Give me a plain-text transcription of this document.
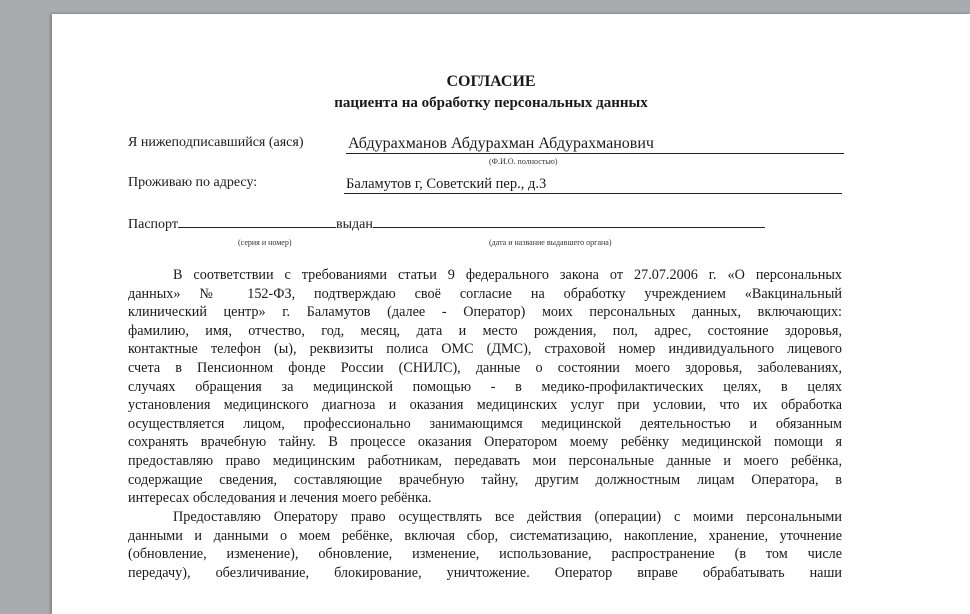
СОГЛАСИЕ
пациента на обработку персональных данных
Я нижеподписавшийся (аяся)	Абдурахманов Абдурахман Абдурахманович
(Ф.И.О. полностью)
Проживаю по адресу:	Баламутов г, Советский пер., д.3
Паспорт	выдан
(серия и номер)	(дата и название выдавшего органа)
В соответствии с требованиями статьи 9 федерального закона от 27.07.2006 г. «О персональных
данных» № 152-ФЗ, подтверждаю своё согласие на обработку учреждением «Вакцинальный
клинический центр» г. Баламутов (далее - Оператор) моих персональных данных, включающих:
фамилию, имя, отчество, год, месяц, дата и место рождения, пол, адрес, состояние здоровья,
контактные телефон (ы), реквизиты полиса ОМС (ДМС), страховой номер индивидуального лицевого
счета в Пенсионном фонде России (СНИЛС), данные о состоянии моего здоровья, заболеваниях,
случаях обращения за медицинской помощью - в медико-профилактических целях, в целях
установления медицинского диагноза и оказания медицинских услуг при условии, что их обработка
осуществляется лицом, профессионально занимающимся медицинской деятельностью и обязанным
сохранять врачебную тайну. В процессе оказания Оператором моему ребёнку медицинской помощи я
предоставляю право медицинским работникам, передавать мои персональные данные и моего ребёнка,
содержащие сведения, составляющие врачебную тайну, другим должностным лицам Оператора, в
интересах обследования и лечения моего ребёнка.
Предоставляю Оператору право осуществлять все действия (операции) с моими персональными
данными и данными о моем ребёнке, включая сбор, систематизацию, накопление, хранение, уточнение
(обновление, изменение), обновление, изменение, использование, распространение (в том числе
передачу), обезличивание, блокирование, уничтожение. Оператор вправе обрабатывать наши
